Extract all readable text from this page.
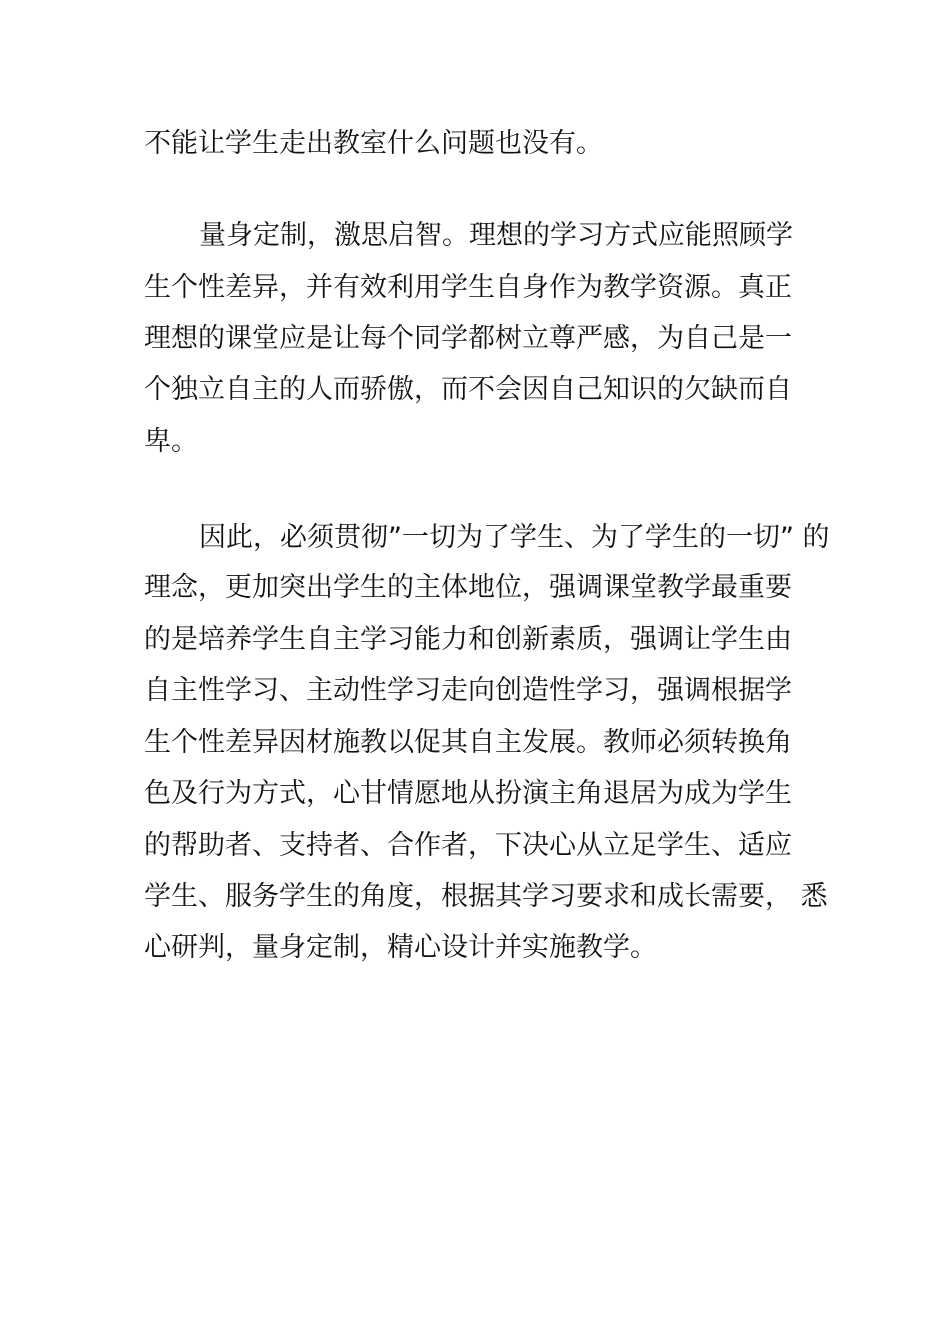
不能让学生走出教室什么问题也没有。
量身定制，激思启智。理想的学习方式应能照顾学
生个性差异，并有效利用学生自身作为教学资源。真正
理想的课堂应是让每个同学都树立尊严感，为自己是一
个独立自主的人而骄傲，而不会因自己知识的欠缺而自
卑。
因此，必须贯彻”一切为了学生、为了学生的一切” 的
理念，更加突出学生的主体地位，强调课堂教学最重要
的是培养学生自主学习能力和创新素质，强调让学生由
自主性学习、主动性学习走向创造性学习，强调根据学
生个性差异因材施教以促其自主发展。教师必须转换角
色及行为方式，心甘情愿地从扮演主角退居为成为学生
的帮助者、支持者、合作者，下决心从立足学生、适应
学生、服务学生的角度，根据其学习要求和成长需要， 悉
心研判，量身定制，精心设计并实施教学。
